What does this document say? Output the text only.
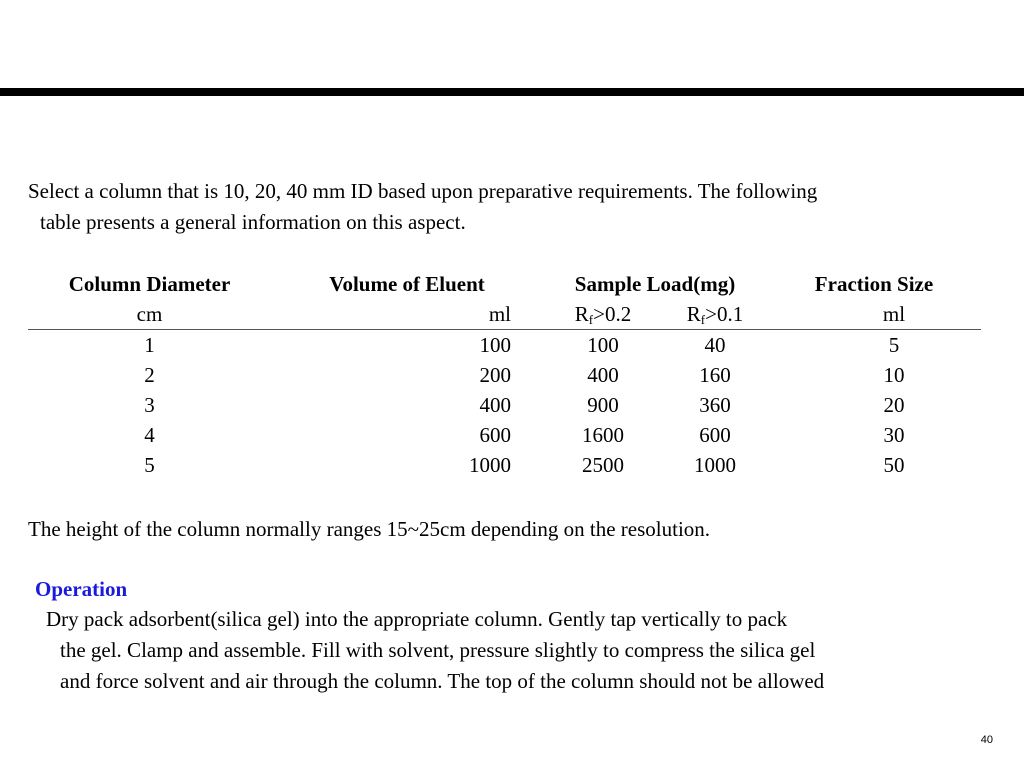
Select a column that is 10, 20, 40 mm ID based upon preparative requirements. The following
table presents a general information on this aspect.
Column Diameter	Volume of Eluent	Sample Load(mg)		Fraction Size
cm	ml	$R_f>0.2$	$R_f>0.1$	ml
1	100	100	40	5
2	200	400	160	10
3	400	900	360	20
4	600	1600	600	30
5	1000	2500	1000	50
The height of the column normally ranges 15~25cm depending on the resolution.
Operation
Dry pack adsorbent(silica gel) into the appropriate column. Gently tap vertically to pack
the gel. Clamp and assemble. Fill with solvent, pressure slightly to compress the silica gel
and force solvent and air through the column. The top of the column should not be allowed
40
